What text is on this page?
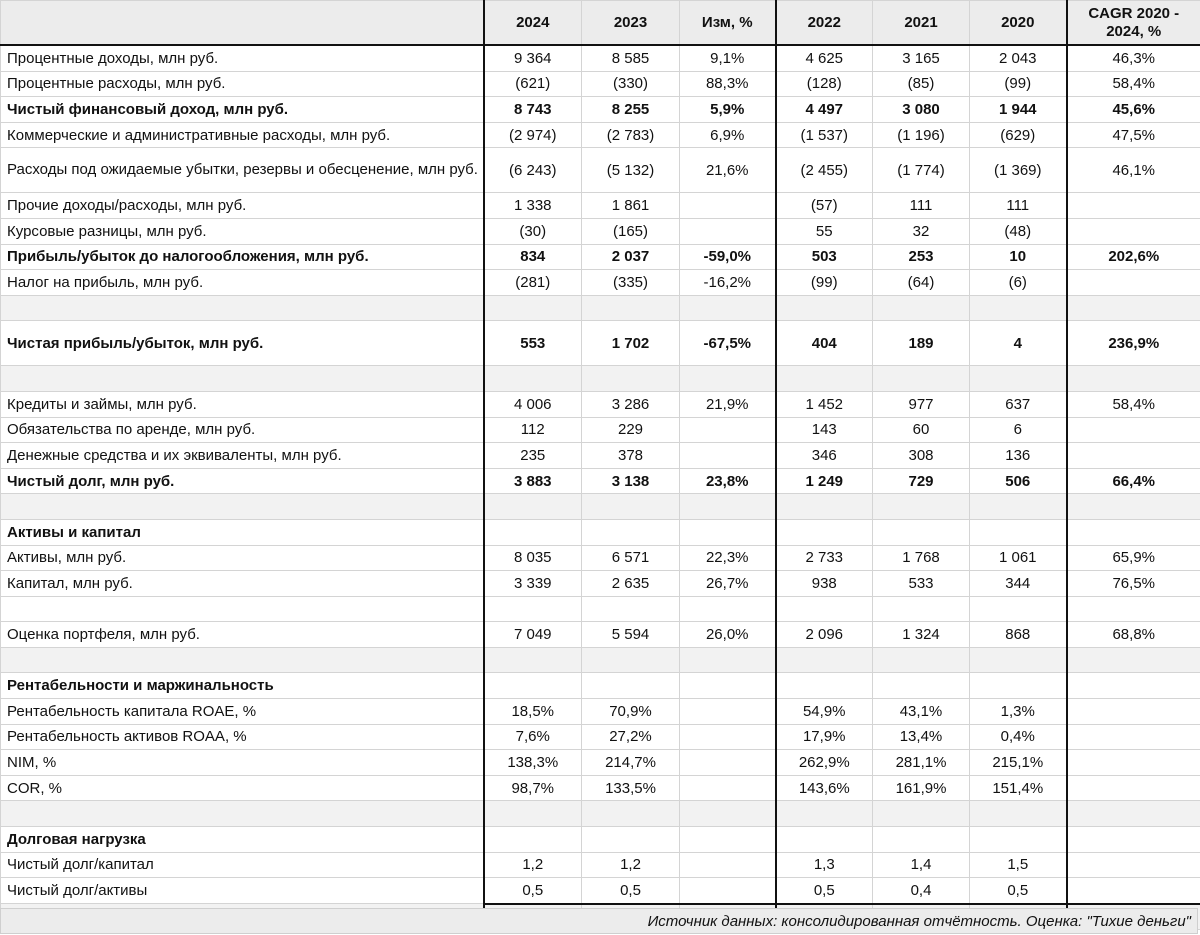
	2024	2023	Изм, %	2022	2021	2020	CAGR 2020 - 2024, %
Процентные доходы, млн руб.	9 364	8 585	9,1%	4 625	3 165	2 043	46,3%
Процентные расходы, млн руб.	(621)	(330)	88,3%	(128)	(85)	(99)	58,4%
Чистый финансовый доход, млн руб.	8 743	8 255	5,9%	4 497	3 080	1 944	45,6%
Коммерческие и административные расходы, млн руб.	(2 974)	(2 783)	6,9%	(1 537)	(1 196)	(629)	47,5%
Расходы под ожидаемые убытки, резервы и обесценение, млн руб.	(6 243)	(5 132)	21,6%	(2 455)	(1 774)	(1 369)	46,1%
Прочие доходы/расходы, млн руб.	1 338	1 861		(57)	111	111	
Курсовые разницы, млн руб.	(30)	(165)		55	32	(48)	
Прибыль/убыток до налогообложения, млн руб.	834	2 037	-59,0%	503	253	10	202,6%
Налог на прибыль, млн руб.	(281)	(335)	-16,2%	(99)	(64)	(6)	

Чистая прибыль/убыток, млн руб.	553	1 702	-67,5%	404	189	4	236,9%

Кредиты и займы, млн руб.	4 006	3 286	21,9%	1 452	977	637	58,4%
Обязательства по аренде, млн руб.	112	229		143	60	6	
Денежные средства и их эквиваленты, млн руб.	235	378		346	308	136	
Чистый долг, млн руб.	3 883	3 138	23,8%	1 249	729	506	66,4%

Активы и капитал							
Активы, млн руб.	8 035	6 571	22,3%	2 733	1 768	1 061	65,9%
Капитал, млн руб.	3 339	2 635	26,7%	938	533	344	76,5%

Оценка портфеля, млн руб.	7 049	5 594	26,0%	2 096	1 324	868	68,8%

Рентабельности и маржинальность							
Рентабельность капитала ROAE, %	18,5%	70,9%		54,9%	43,1%	1,3%	
Рентабельность активов ROAA, %	7,6%	27,2%		17,9%	13,4%	0,4%	
NIM, %	138,3%	214,7%		262,9%	281,1%	215,1%	
COR, %	98,7%	133,5%		143,6%	161,9%	151,4%	

Долговая нагрузка							
Чистый долг/капитал	1,2	1,2		1,3	1,4	1,5	
Чистый долг/активы	0,5	0,5		0,5	0,4	0,5	

Источник данных: консолидированная отчётность. Оценка: "Тихие деньги"
